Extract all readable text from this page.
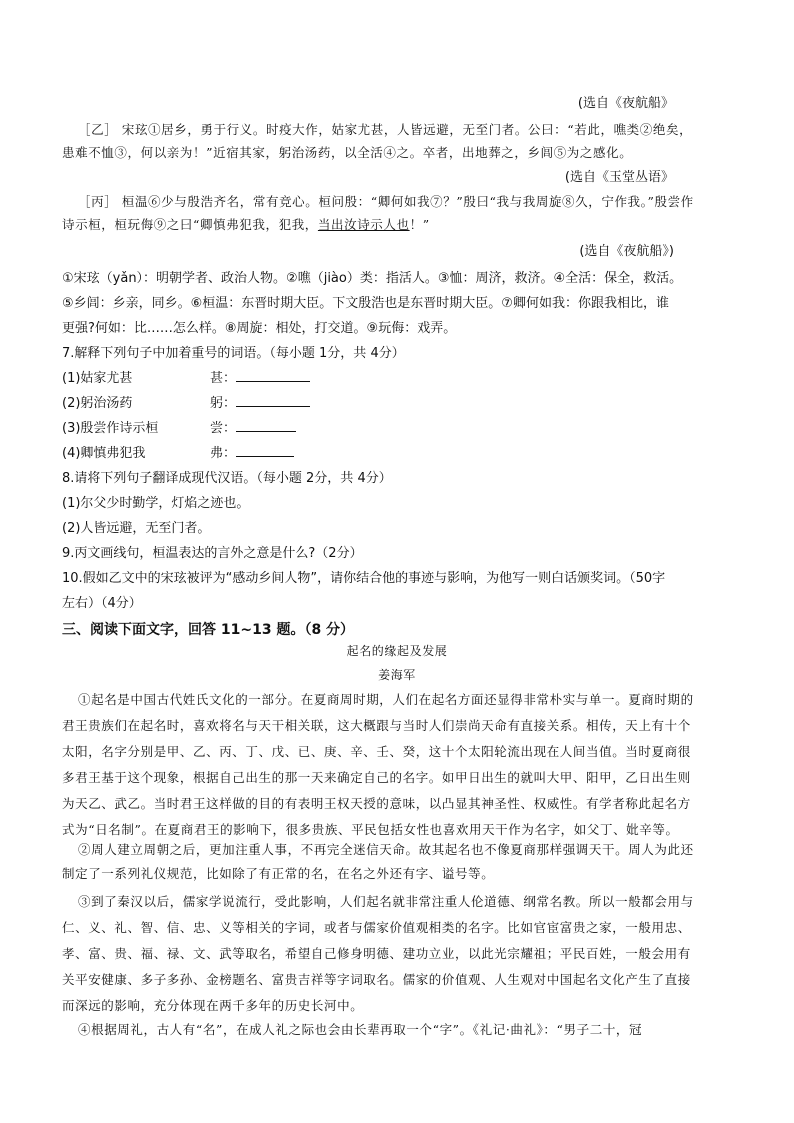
(选自《夜航船》
［乙］ 宋玹①居乡，勇于行义。时疫大作，姑家尤甚，人皆远避，无至门者。公曰：“若此，噍类②绝矣，
患难不恤③，何以亲为！”近宿其家，躬治汤药，以全活④之。卒者，出地葬之，乡闾⑤为之感化。
(选自《玉堂丛语》
［丙］ 桓温⑥少与殷浩齐名，常有竞心。桓问殷：“卿何如我⑦？”殷曰“我与我周旋⑧久，宁作我。”殷尝作
诗示桓，桓玩侮⑨之曰“卿慎弗犯我，犯我，当出汝诗示人也！”
(选自《夜航船》)
①宋玹（yǎn）：明朝学者、政治人物。②噍（jiào）类：指活人。③恤：周济，救济。④全活：保全，救活。
⑤乡闾：乡亲，同乡。⑥桓温：东晋时期大臣。下文殷浩也是东晋时期大臣。⑦卿何如我：你跟我相比，谁
更强?何如：比……怎么样。⑧周旋：相处，打交道。⑨玩侮：戏弄。
7.解释下列句子中加着重号的词语。（每小题 1分，共 4分）
(1)姑家尤甚	甚：
(2)躬治汤药	躬：
(3)殷尝作诗示桓	尝：
(4)卿慎弗犯我	弗：
8.请将下列句子翻译成现代汉语。（每小题 2分，共 4分）
(1)尔父少时勤学，灯焰之迹也。
(2)人皆远避，无至门者。
9.丙文画线句，桓温表达的言外之意是什么?（2分）
10.假如乙文中的宋玹被评为“感动乡间人物”，请你结合他的事迹与影响，为他写一则白话颁奖词。（50字
左右）（4分）
三、阅读下面文字，回答 11~13 题。（8 分）
起名的缘起及发展
姜海军
①起名是中国古代姓氏文化的一部分。在夏商周时期，人们在起名方面还显得非常朴实与单一。夏商时期的
君王贵族们在起名时，喜欢将名与天干相关联，这大概跟与当时人们崇尚天命有直接关系。相传，天上有十个
太阳，名字分别是甲、乙、丙、丁、戊、已、庚、辛、壬、癸，这十个太阳轮流出现在人间当值。当时夏商很
多君王基于这个现象，根据自己出生的那一天来确定自己的名字。如甲日出生的就叫大甲、阳甲，乙日出生则
为天乙、武乙。当时君王这样做的目的有表明王权天授的意味，以凸显其神圣性、权威性。有学者称此起名方
式为“日名制”。在夏商君王的影响下，很多贵族、平民包括女性也喜欢用天干作为名字，如父丁、妣辛等。
②周人建立周朝之后，更加注重人事，不再完全迷信天命。故其起名也不像夏商那样强调天干。周人为此还
制定了一系列礼仪规范，比如除了有正常的名，在名之外还有字、谥号等。
③到了秦汉以后，儒家学说流行，受此影响，人们起名就非常注重人伦道德、纲常名教。所以一般都会用与
仁、义、礼、智、信、忠、义等相关的字词，或者与儒家价值观相类的名字。比如官宦富贵之家，一般用忠、
孝、富、贵、福、禄、文、武等取名，希望自己修身明德、建功立业，以此光宗耀祖；平民百姓，一般会用有
关平安健康、多子多孙、金榜题名、富贵吉祥等字词取名。儒家的价值观、人生观对中国起名文化产生了直接
而深远的影响，充分体现在两千多年的历史长河中。
④根据周礼，古人有“名”，在成人礼之际也会由长辈再取一个“字”。《礼记·曲礼》：“男子二十，冠
